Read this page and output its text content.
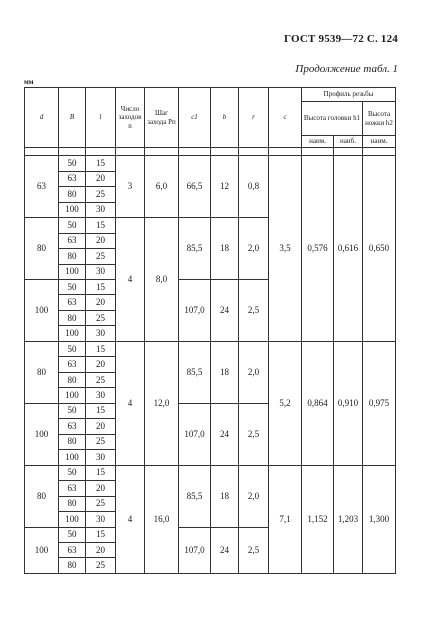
ГОСТ 9539—72 С. 124
Продолжение табл. 1
мм
d	B	l	Число заходов n	Шаг захода Pп	c1	b	r	c	Профиль резьбы		
									Высота головки h1		Высота ножки h2
									наим.	наиб.	наим.

63	50	15	3	6,0	66,5	12	0,8	3,5	0,576	0,616	0,650
	63	20									
	80	25									
	100	30									
80	50	15	4	8,0	85,5	18	2,0				
	63	20									
	80	25									
	100	30									
100	50	15			107,0	24	2,5				
	63	20									
	80	25									
	100	30									
80	50	15	4	12,0	85,5	18	2,0	5,2	0,864	0,910	0,975
	63	20									
	80	25									
	100	30									
100	50	15			107,0	24	2,5				
	63	20									
	80	25									
	100	30									
80	50	15	4	16,0	85,5	18	2,0	7,1	1,152	1,203	1,300
	63	20									
	80	25									
	100	30									
100	50	15			107,0	24	2,5				
	63	20									
	80	25									
